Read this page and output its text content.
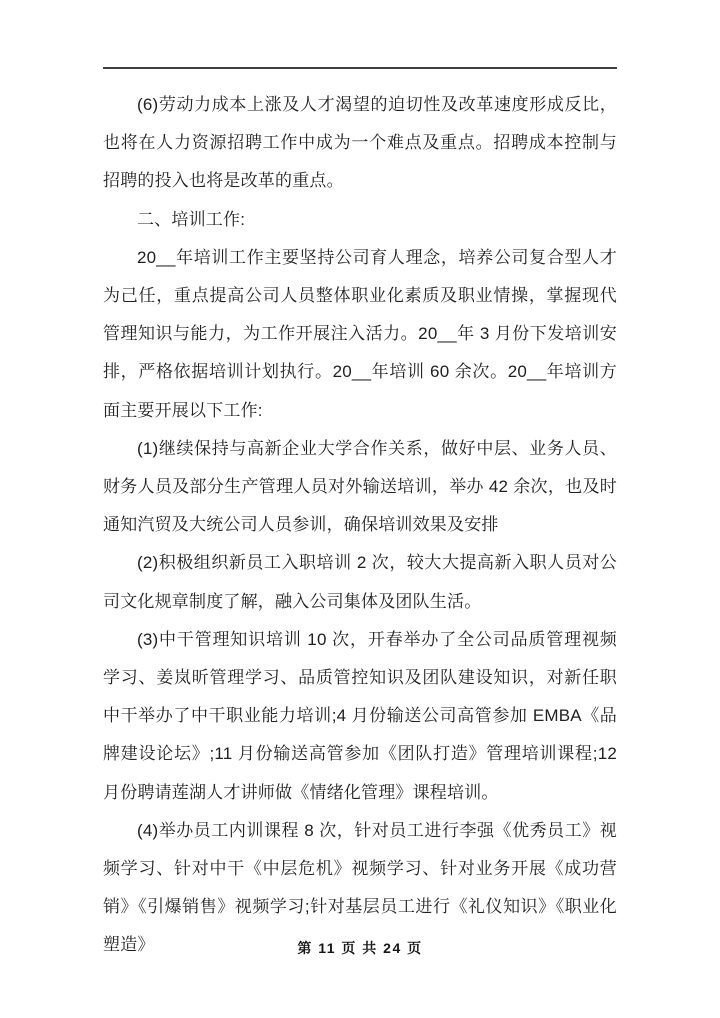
(6)劳动力成本上涨及人才渴望的迫切性及改革速度形成反比，也将在人力资源招聘工作中成为一个难点及重点。招聘成本控制与招聘的投入也将是改革的重点。

二、培训工作:

20__年培训工作主要坚持公司育人理念，培养公司复合型人才为己任，重点提高公司人员整体职业化素质及职业情操，掌握现代管理知识与能力，为工作开展注入活力。20__年 3 月份下发培训安排，严格依据培训计划执行。20__年培训 60 余次。20__年培训方面主要开展以下工作:

(1)继续保持与高新企业大学合作关系，做好中层、业务人员、财务人员及部分生产管理人员对外输送培训，举办 42 余次，也及时通知汽贸及大统公司人员参训，确保培训效果及安排

(2)积极组织新员工入职培训 2 次，较大大提高新入职人员对公司文化规章制度了解，融入公司集体及团队生活。

(3)中干管理知识培训 10 次，开春举办了全公司品质管理视频学习、姜岚昕管理学习、品质管控知识及团队建设知识，对新任职中干举办了中干职业能力培训;4 月份输送公司高管参加 EMBA《品牌建设论坛》;11 月份输送高管参加《团队打造》管理培训课程;12 月份聘请莲湖人才讲师做《情绪化管理》课程培训。

(4)举办员工内训课程 8 次，针对员工进行李强《优秀员工》视频学习、针对中干《中层危机》视频学习、针对业务开展《成功营销》《引爆销售》视频学习;针对基层员工进行《礼仪知识》《职业化塑造》	第 11 页 共 24 页
